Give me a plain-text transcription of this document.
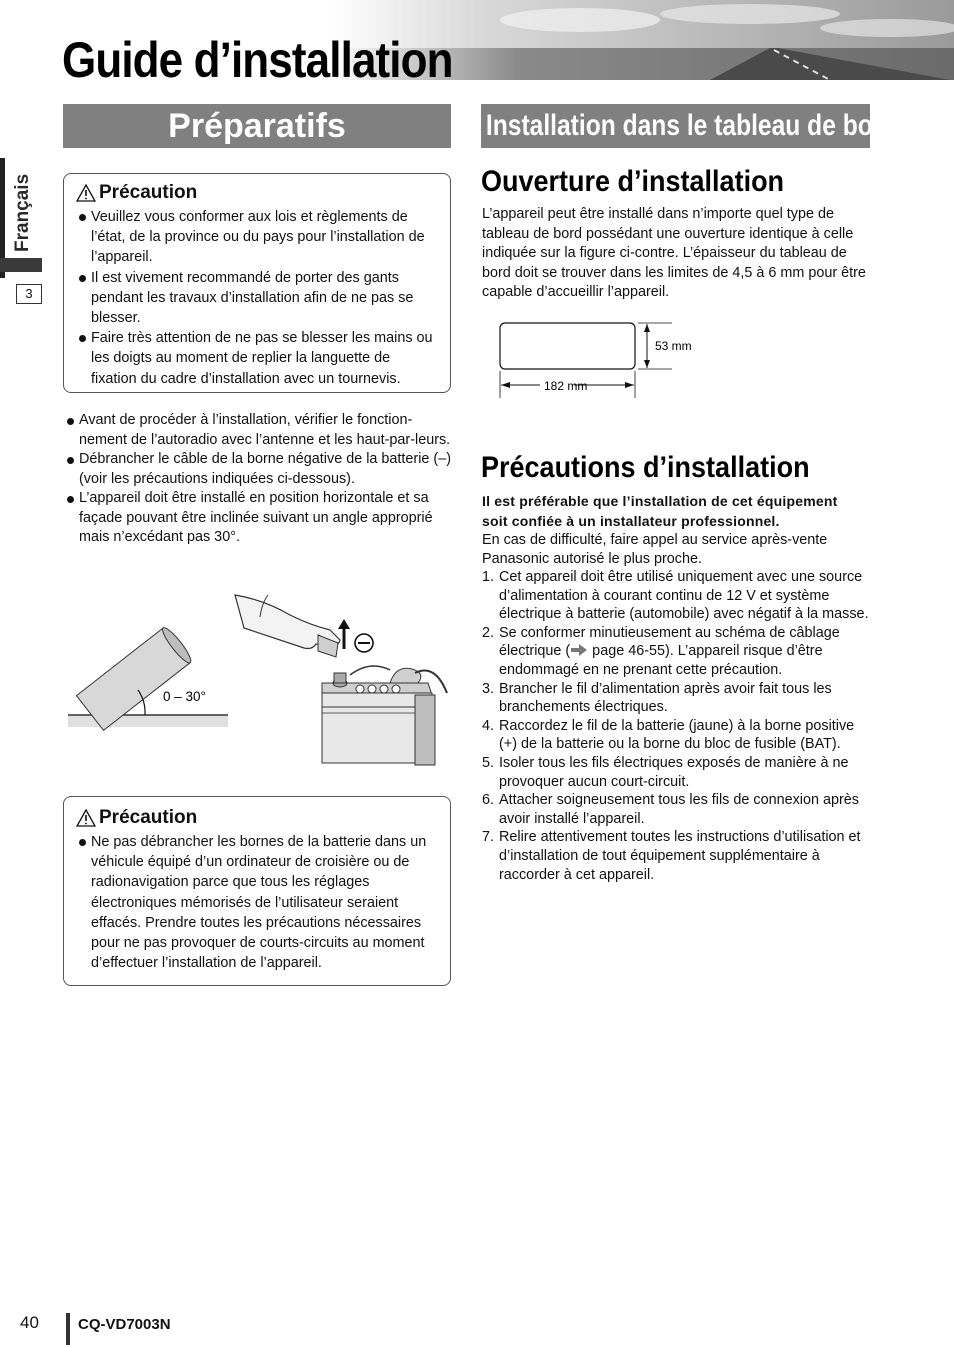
Guide d’installation
Français
3
Préparatifs	Installation dans le tableau de bord
Précaution
Veuillez vous conformer aux lois et règlements de l’état, de la province ou du pays pour l’installation de l’appareil.
Il est vivement recommandé de porter des gants pendant les travaux d’installation afin de ne pas se blesser.
Faire très attention de ne pas se blesser les mains ou les doigts au moment de replier la languette de fixation du cadre d’installation avec un tournevis.
Avant de procéder à l’installation, vérifier le fonction-nement de l’autoradio avec l’antenne et les haut-par-leurs.
Débrancher le câble de la borne négative de la batterie (–) (voir les précautions indiquées ci-dessous).
L’appareil doit être installé en position horizontale et sa façade pouvant être inclinée suivant un angle approprié mais n’excédant pas 30°.
0 – 30°
Précaution
Ne pas débrancher les bornes de la batterie dans un véhicule équipé d’un ordinateur de croisière ou de radionavigation parce que tous les réglages électroniques mémorisés de l’utilisateur seraient effacés. Prendre toutes les précautions nécessaires pour ne pas provoquer de courts-circuits au moment d’effectuer l’installation de l’appareil.
Ouverture d’installation

L’appareil peut être installé dans n’importe quel type de tableau de bord possédant une ouverture identique à celle indiquée sur la figure ci-contre. L’épaisseur du tableau de bord doit se trouver dans les limites de 4,5 à 6 mm pour être capable d’accueillir l’appareil.

53 mm
182 mm
Précautions d’installation

Il est préférable que l’installation de cet équipement soit confiée à un installateur professionnel.

En cas de difficulté, faire appel au service après-vente Panasonic autorisé le plus proche.

1. Cet appareil doit être utilisé uniquement avec une source d’alimentation à courant continu de 12 V et système électrique à batterie (automobile) avec négatif à la masse.
2. Se conformer minutieusement au schéma de câblage électrique ( page 46-55). L’appareil risque d’être endommagé en ne prenant cette précaution.
3. Brancher le fil d’alimentation après avoir fait tous les branchements électriques.
4. Raccordez le fil de la batterie (jaune) à la borne positive (+) de la batterie ou la borne du bloc de fusible (BAT).
5. Isoler tous les fils électriques exposés de manière à ne provoquer aucun court-circuit.
6. Attacher soigneusement tous les fils de connexion après avoir installé l’appareil.
7. Relire attentivement toutes les instructions d’utilisation et d’installation de tout équipement supplémentaire à raccorder à cet appareil.
40	CQ-VD7003N
